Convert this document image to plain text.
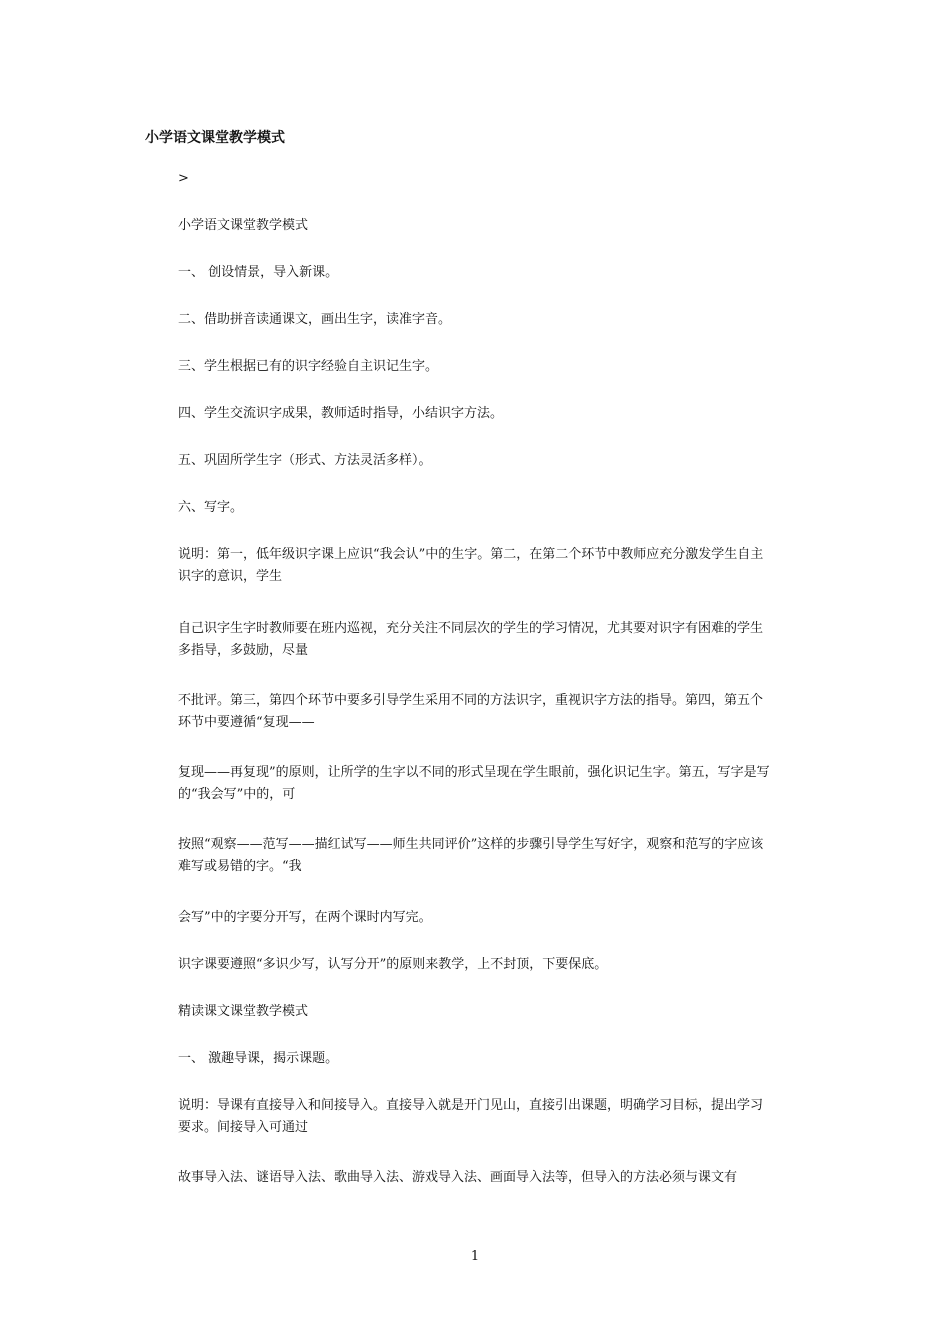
小学语文课堂教学模式

>

小学语文课堂教学模式

一、 创设情景，导入新课。

二、借助拼音读通课文，画出生字，读准字音。

三、学生根据已有的识字经验自主识记生字。

四、学生交流识字成果，教师适时指导，小结识字方法。

五、巩固所学生字（形式、方法灵活多样）。

六、写字。

说明：第一，低年级识字课上应识“我会认”中的生字。第二，在第二个环节中教师应充分激发学生自主识字的意识，学生

自己识字生字时教师要在班内巡视，充分关注不同层次的学生的学习情况，尤其要对识字有困难的学生多指导，多鼓励，尽量

不批评。第三，第四个环节中要多引导学生采用不同的方法识字，重视识字方法的指导。第四，第五个环节中要遵循“复现——

复现——再复现”的原则，让所学的生字以不同的形式呈现在学生眼前，强化识记生字。第五，写字是写的“我会写”中的，可

按照“观察——范写——描红试写——师生共同评价”这样的步骤引导学生写好字，观察和范写的字应该难写或易错的字。“我

会写”中的字要分开写，在两个课时内写完。

识字课要遵照“多识少写，认写分开”的原则来教学，上不封顶，下要保底。

精读课文课堂教学模式

一、 激趣导课，揭示课题。

说明：导课有直接导入和间接导入。直接导入就是开门见山，直接引出课题，明确学习目标，提出学习要求。间接导入可通过

故事导入法、谜语导入法、歌曲导入法、游戏导入法、画面导入法等，但导入的方法必须与课文有

1
